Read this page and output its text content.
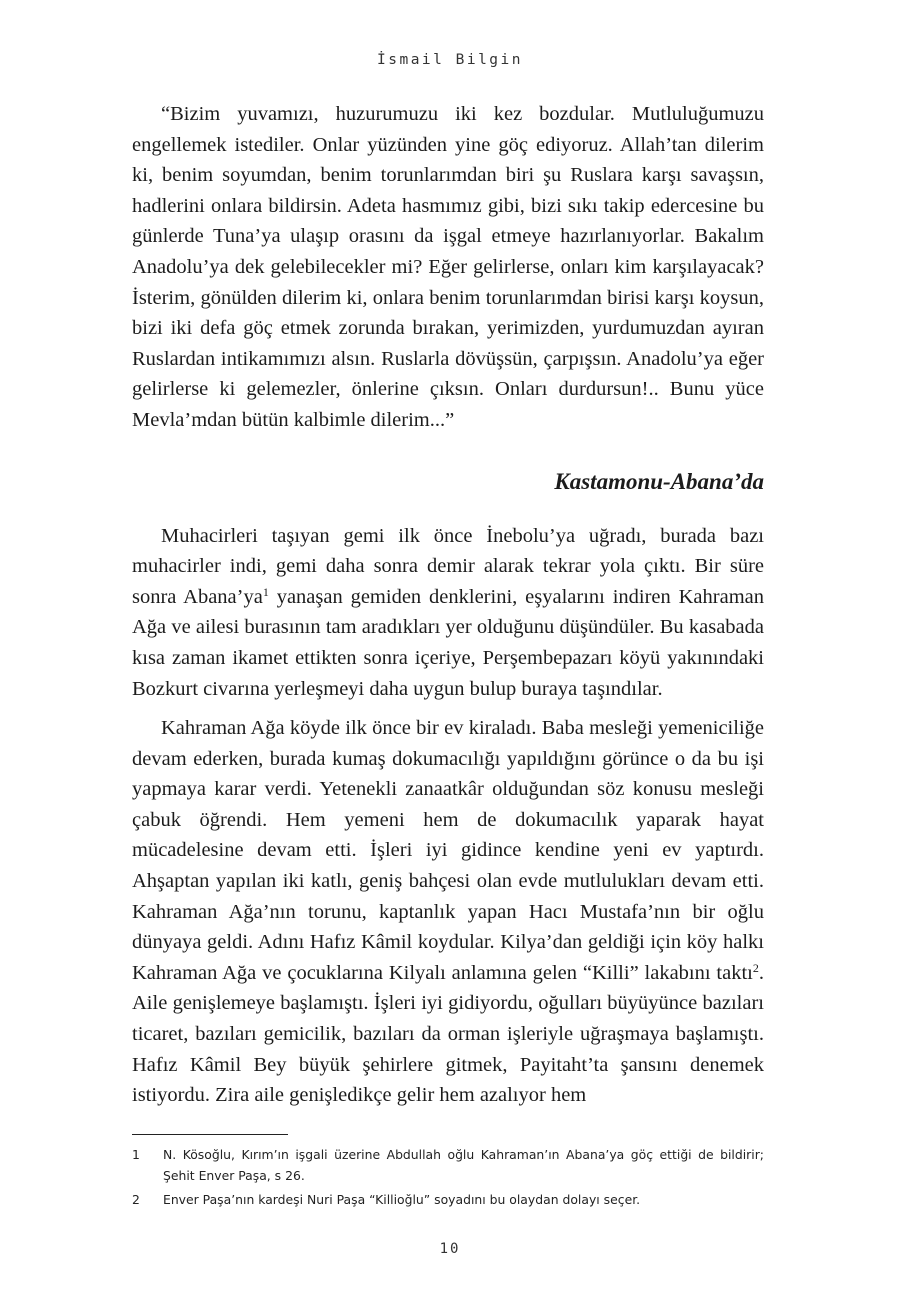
İsmail Bilgin

“Bizim yuvamızı, huzurumuzu iki kez bozdular. Mutluluğumuzu engellemek istediler. Onlar yüzünden yine göç ediyoruz. Allah’tan dilerim ki, benim soyumdan, benim torunlarımdan biri şu Ruslara karşı savaşsın, hadlerini onlara bildirsin. Adeta hasmımız gibi, bizi sıkı takip edercesine bu günlerde Tuna’ya ulaşıp orasını da işgal etmeye hazırlanıyorlar. Bakalım Anadolu’ya dek gelebilecekler mi? Eğer gelirlerse, onları kim karşılayacak? İsterim, gönülden dilerim ki, onlara benim torunlarımdan birisi karşı koysun, bizi iki defa göç etmek zorunda bırakan, yerimizden, yurdumuzdan ayıran Ruslardan intikamımızı alsın. Ruslarla dövüşsün, çarpışsın. Anadolu’ya eğer gelirlerse ki gelemezler, önlerine çıksın. Onları durdursun!.. Bunu yüce Mevla’mdan bütün kalbimle dilerim...”

Kastamonu-Abana’da

Muhacirleri taşıyan gemi ilk önce İnebolu’ya uğradı, burada bazı muhacirler indi, gemi daha sonra demir alarak tekrar yola çıktı. Bir süre sonra $Abana’ya^1$ yanaşan gemiden denklerini, eşyalarını indiren Kahraman Ağa ve ailesi burasının tam aradıkları yer olduğunu düşündüler. Bu kasabada kısa zaman ikamet ettikten sonra içeriye, Perşembepazarı köyü yakınındaki Bozkurt civarına yerleşmeyi daha uygun bulup buraya taşındılar.

Kahraman Ağa köyde ilk önce bir ev kiraladı. Baba mesleği yemeniciliğe devam ederken, burada kumaş dokumacılığı yapıldığını görünce o da bu işi yapmaya karar verdi. Yetenekli zanaatkâr olduğundan söz konusu mesleği çabuk öğrendi. Hem yemeni hem de dokumacılık yaparak hayat mücadelesine devam etti. İşleri iyi gidince kendine yeni ev yaptırdı. Ahşaptan yapılan iki katlı, geniş bahçesi olan evde mutlulukları devam etti. Kahraman Ağa’nın torunu, kaptanlık yapan Hacı Mustafa’nın bir oğlu dünyaya geldi. Adını Hafız Kâmil koydular. Kilya’dan geldiği için köy halkı Kahraman Ağa ve çocuklarına Kilyalı anlamına gelen “Killi” lakabını taktı$^2$. Aile genişlemeye başlamıştı. İşleri iyi gidiyordu, oğulları büyüyünce bazıları ticaret, bazıları gemicilik, bazıları da orman işleriyle uğraşmaya başlamıştı. Hafız Kâmil Bey büyük şehirlere gitmek, Payitaht’ta şansını denemek istiyordu. Zira aile genişledikçe gelir hem azalıyor hem

1	N. Kösoğlu, Kırım’ın işgali üzerine Abdullah oğlu Kahraman’ın Abana’ya göç ettiği de bildirir; Şehit Enver Paşa, s 26.
2	Enver Paşa’nın kardeşi Nuri Paşa “Killioğlu” soyadını bu olaydan dolayı seçer.
10
